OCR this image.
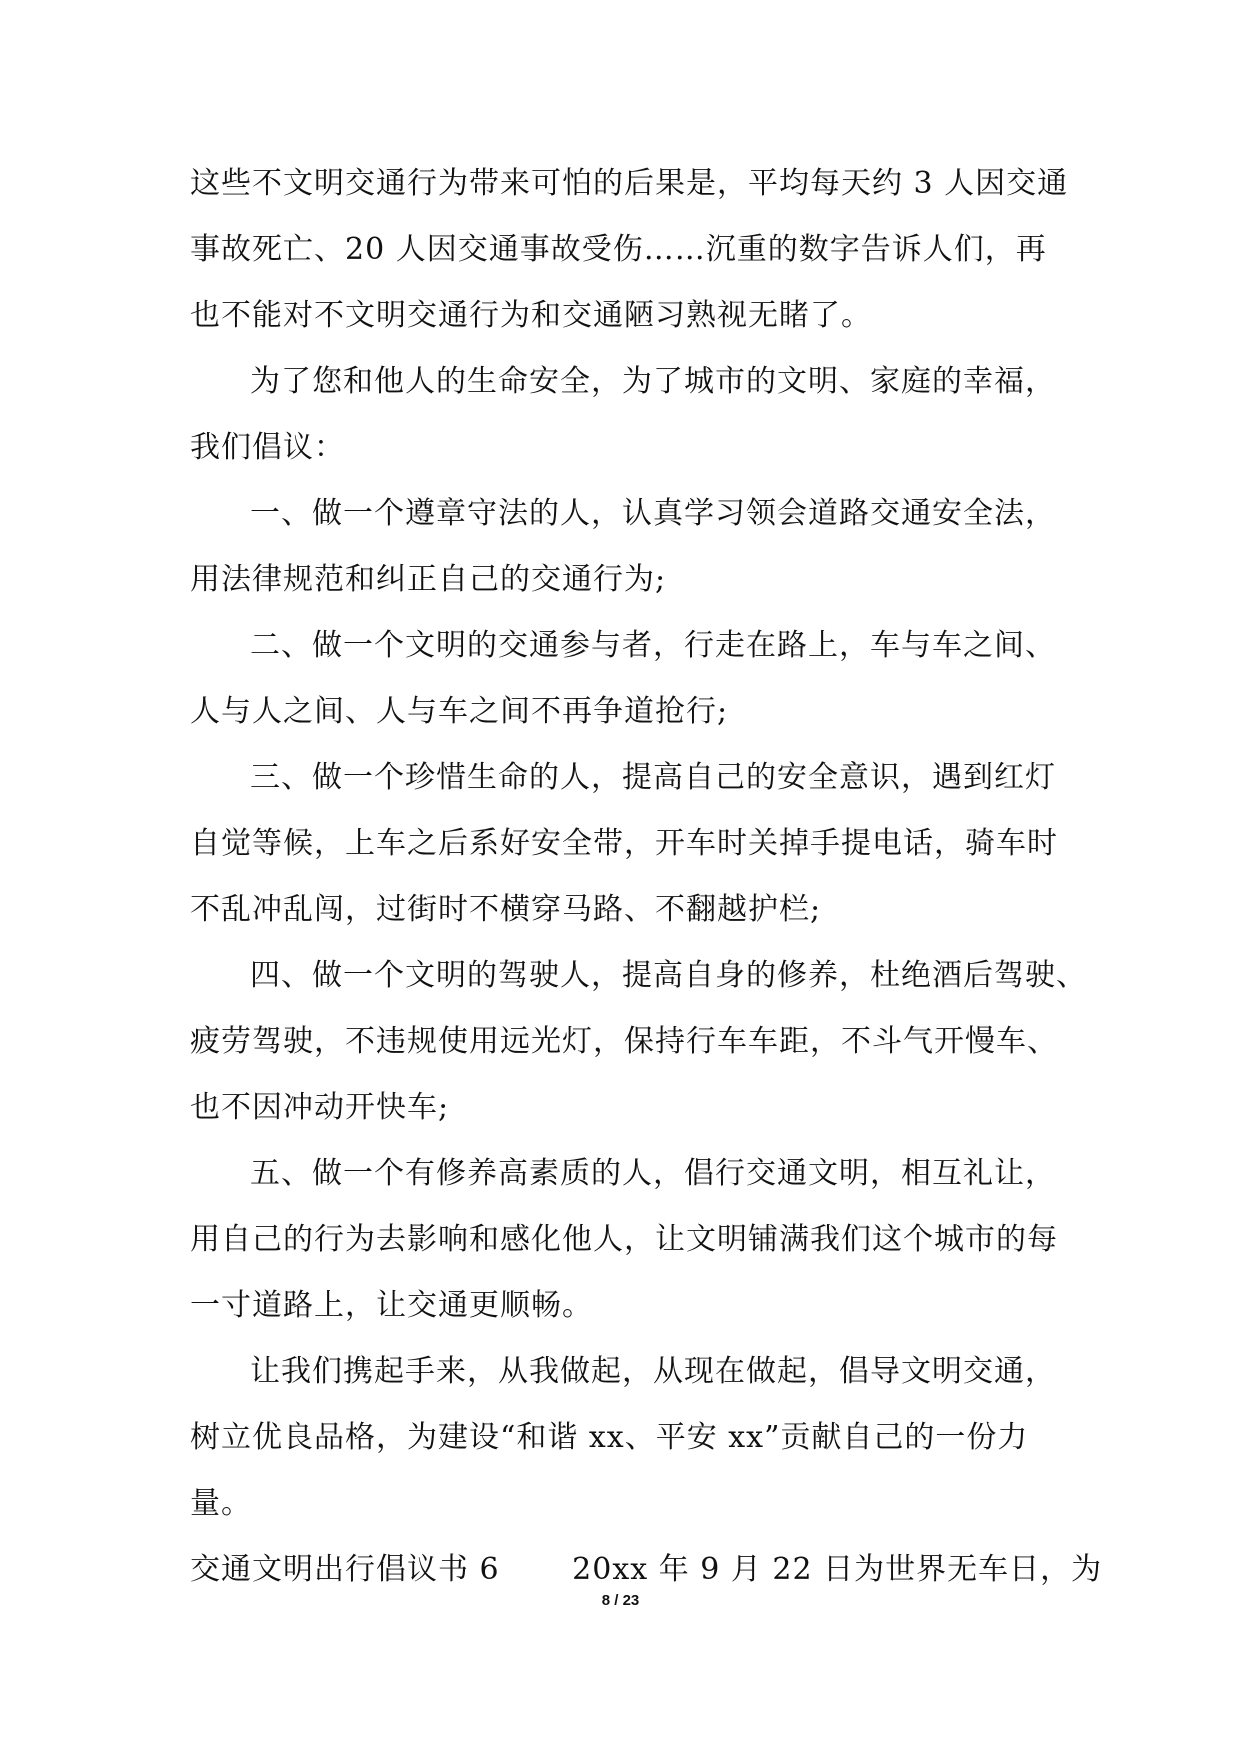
这些不文明交通行为带来可怕的后果是，平均每天约 3 人因交通
事故死亡、20 人因交通事故受伤……沉重的数字告诉人们，再
也不能对不文明交通行为和交通陋习熟视无睹了。
为了您和他人的生命安全，为了城市的文明、家庭的幸福，
我们倡议：
一、做一个遵章守法的人，认真学习领会道路交通安全法，
用法律规范和纠正自己的交通行为;
二、做一个文明的交通参与者，行走在路上，车与车之间、
人与人之间、人与车之间不再争道抢行;
三、做一个珍惜生命的人，提高自己的安全意识，遇到红灯
自觉等候，上车之后系好安全带，开车时关掉手提电话，骑车时
不乱冲乱闯，过街时不横穿马路、不翻越护栏;
四、做一个文明的驾驶人，提高自身的修养，杜绝酒后驾驶、
疲劳驾驶，不违规使用远光灯，保持行车车距，不斗气开慢车、
也不因冲动开快车;
五、做一个有修养高素质的人，倡行交通文明，相互礼让，
用自己的行为去影响和感化他人，让文明铺满我们这个城市的每
一寸道路上，让交通更顺畅。
让我们携起手来，从我做起，从现在做起，倡导文明交通，
树立优良品格，为建设“和谐 xx、平安 xx”贡献自己的一份力
量。
交通文明出行倡议书 6　　 20xx 年 9 月 22 日为世界无车日，为
8 / 23
